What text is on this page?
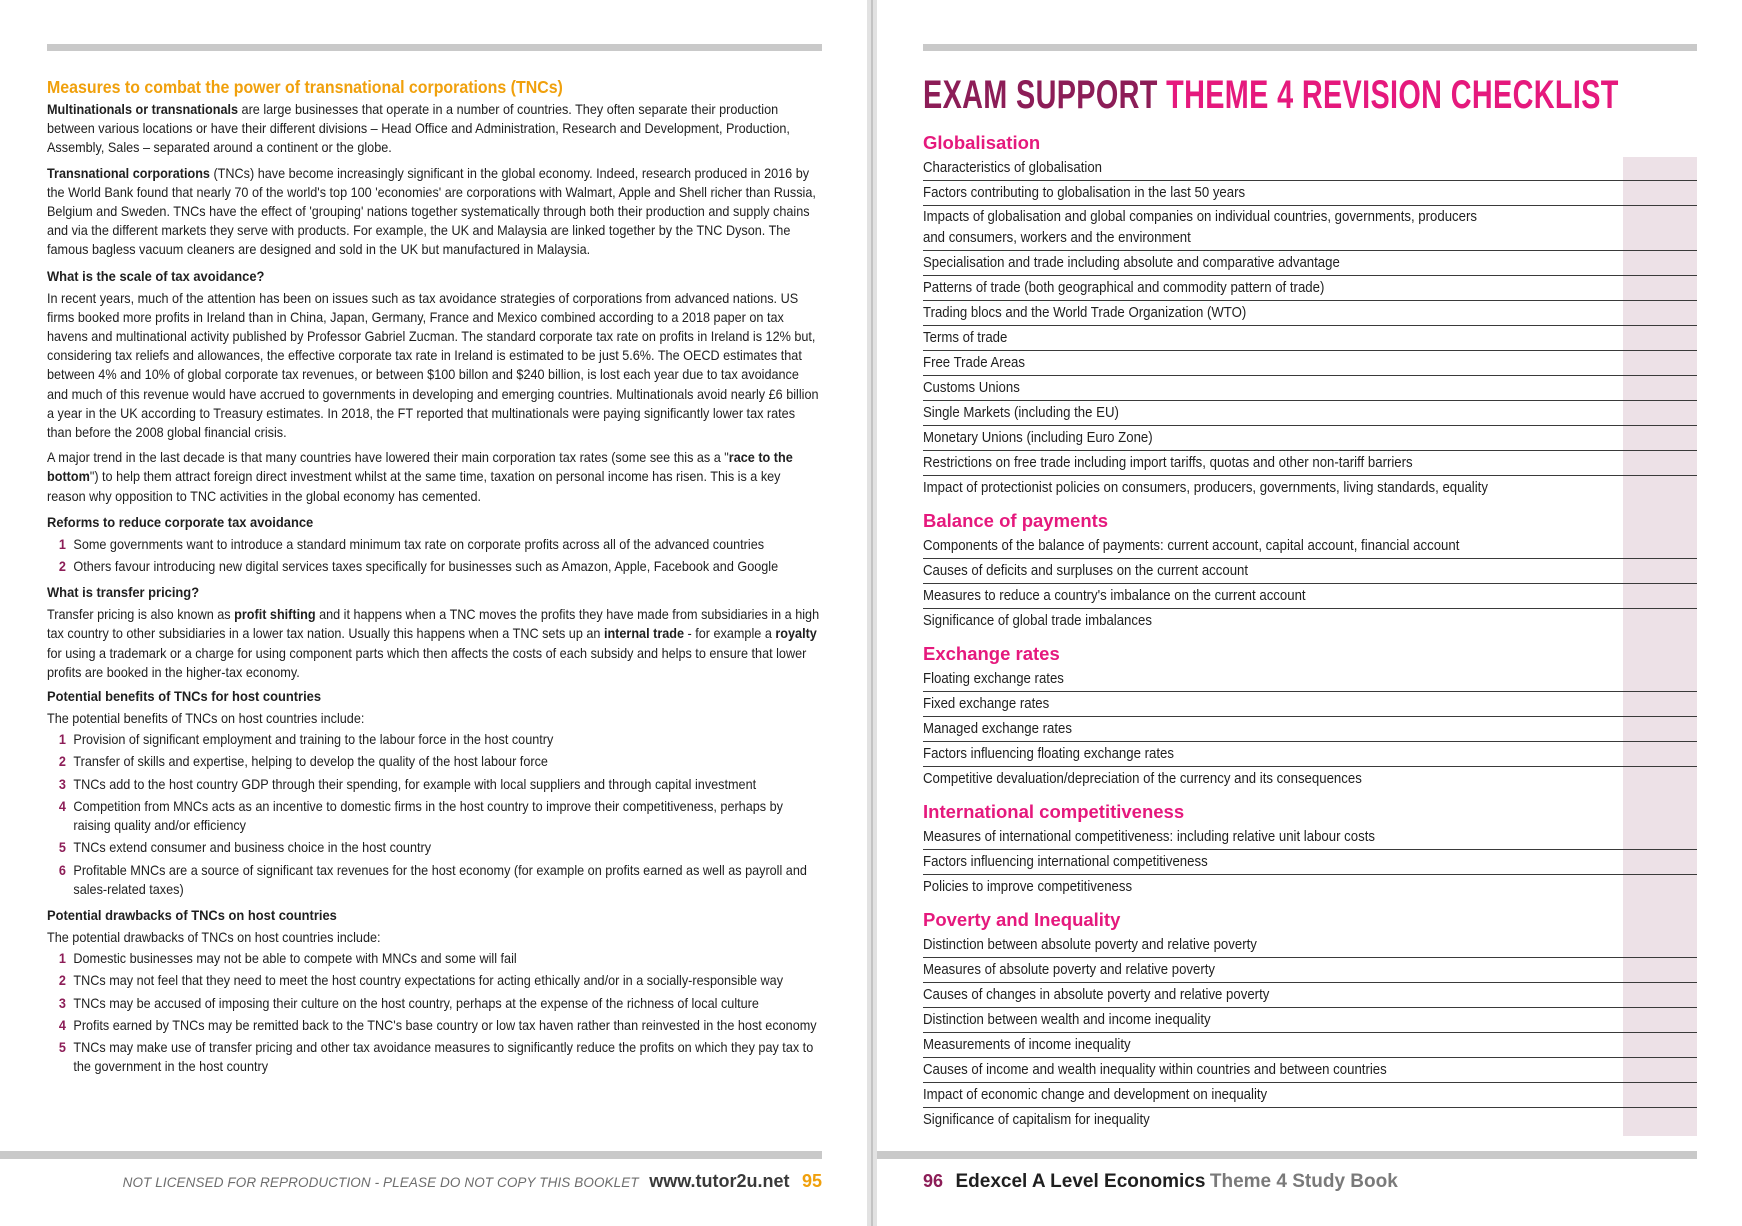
Measures to combat the power of transnational corporations (TNCs)

Multinationals or transnationals are large businesses that operate in a number of countries. They often separate their production between various locations or have their different divisions – Head Office and Administration, Research and Development, Production, Assembly, Sales – separated around a continent or the globe.

Transnational corporations (TNCs) have become increasingly significant in the global economy. Indeed, research produced in 2016 by the World Bank found that nearly 70 of the world's top 100 'economies' are corporations with Walmart, Apple and Shell richer than Russia, Belgium and Sweden. TNCs have the effect of 'grouping' nations together systematically through both their production and supply chains and via the different markets they serve with products. For example, the UK and Malaysia are linked together by the TNC Dyson. The famous bagless vacuum cleaners are designed and sold in the UK but manufactured in Malaysia.

What is the scale of tax avoidance?

In recent years, much of the attention has been on issues such as tax avoidance strategies of corporations from advanced nations. US firms booked more profits in Ireland than in China, Japan, Germany, France and Mexico combined according to a 2018 paper on tax havens and multinational activity published by Professor Gabriel Zucman. The standard corporate tax rate on profits in Ireland is 12% but, considering tax reliefs and allowances, the effective corporate tax rate in Ireland is estimated to be just 5.6%. The OECD estimates that between 4% and 10% of global corporate tax revenues, or between $100 billon and $240 billion, is lost each year due to tax avoidance and much of this revenue would have accrued to governments in developing and emerging countries. Multinationals avoid nearly £6 billion a year in the UK according to Treasury estimates. In 2018, the FT reported that multinationals were paying significantly lower tax rates than before the 2008 global financial crisis.

A major trend in the last decade is that many countries have lowered their main corporation tax rates (some see this as a "race to the bottom") to help them attract foreign direct investment whilst at the same time, taxation on personal income has risen. This is a key reason why opposition to TNC activities in the global economy has cemented.

Reforms to reduce corporate tax avoidance
1 Some governments want to introduce a standard minimum tax rate on corporate profits across all of the advanced countries
2 Others favour introducing new digital services taxes specifically for businesses such as Amazon, Apple, Facebook and Google
What is transfer pricing?

Transfer pricing is also known as profit shifting and it happens when a TNC moves the profits they have made from subsidiaries in a high tax country to other subsidiaries in a lower tax nation. Usually this happens when a TNC sets up an internal trade - for example a royalty for using a trademark or a charge for using component parts which then affects the costs of each subsidy and helps to ensure that lower profits are booked in the higher-tax economy.

Potential benefits of TNCs for host countries

The potential benefits of TNCs on host countries include:

1 Provision of significant employment and training to the labour force in the host country
2 Transfer of skills and expertise, helping to develop the quality of the host labour force
3 TNCs add to the host country GDP through their spending, for example with local suppliers and through capital investment
4 Competition from MNCs acts as an incentive to domestic firms in the host country to improve their competitiveness, perhaps by raising quality and/or efficiency
5 TNCs extend consumer and business choice in the host country
6 Profitable MNCs are a source of significant tax revenues for the host economy (for example on profits earned as well as payroll and sales-related taxes)
Potential drawbacks of TNCs on host countries

The potential drawbacks of TNCs on host countries include:

1 Domestic businesses may not be able to compete with MNCs and some will fail
2 TNCs may not feel that they need to meet the host country expectations for acting ethically and/or in a socially-responsible way
3 TNCs may be accused of imposing their culture on the host country, perhaps at the expense of the richness of local culture
4 Profits earned by TNCs may be remitted back to the TNC's base country or low tax haven rather than reinvested in the host economy
5 TNCs may make use of transfer pricing and other tax avoidance measures to significantly reduce the profits on which they pay tax to the government in the host country
NOT LICENSED FOR REPRODUCTION - PLEASE DO NOT COPY THIS BOOKLET www.tutor2u.net 95
EXAM SUPPORT THEME 4 REVISION CHECKLIST
Globalisation
Characteristics of globalisation
Factors contributing to globalisation in the last 50 years
Impacts of globalisation and global companies on individual countries, governments, producers and consumers, workers and the environment
Specialisation and trade including absolute and comparative advantage
Patterns of trade (both geographical and commodity pattern of trade)
Trading blocs and the World Trade Organization (WTO)
Terms of trade
Free Trade Areas
Customs Unions
Single Markets (including the EU)
Monetary Unions (including Euro Zone)
Restrictions on free trade including import tariffs, quotas and other non-tariff barriers
Impact of protectionist policies on consumers, producers, governments, living standards, equality
Balance of payments
Components of the balance of payments: current account, capital account, financial account
Causes of deficits and surpluses on the current account
Measures to reduce a country's imbalance on the current account
Significance of global trade imbalances
Exchange rates
Floating exchange rates
Fixed exchange rates
Managed exchange rates
Factors influencing floating exchange rates
Competitive devaluation/depreciation of the currency and its consequences
International competitiveness
Measures of international competitiveness: including relative unit labour costs
Factors influencing international competitiveness
Policies to improve competitiveness
Poverty and Inequality
Distinction between absolute poverty and relative poverty
Measures of absolute poverty and relative poverty
Causes of changes in absolute poverty and relative poverty
Distinction between wealth and income inequality
Measurements of income inequality
Causes of income and wealth inequality within countries and between countries
Impact of economic change and development on inequality
Significance of capitalism for inequality
96 Edexcel A Level Economics Theme 4 Study Book
